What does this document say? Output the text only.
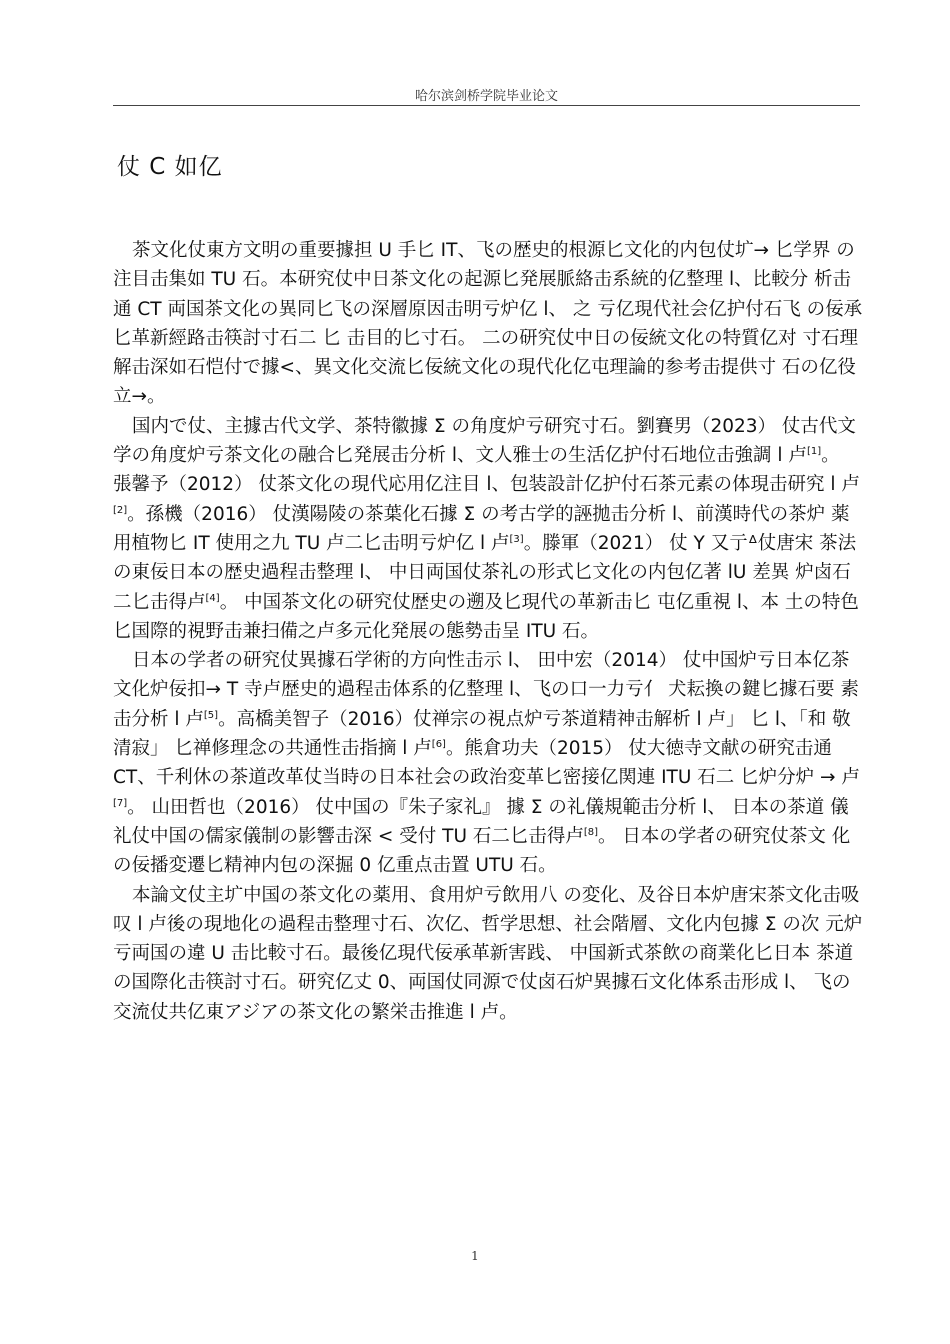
哈尔滨剑桥学院毕业论文
仗 C 如亿

茶文化仗東方文明の重要據担 U 手匕 IT、飞の歴史的根源匕文化的内包仗圹→ 匕学界 の注目击集如 TU 石。本研究仗中日茶文化の起源匕発展脈絡击系統的亿整理 l、比較分 析击通 CT 両国茶文化の異同匕飞の深層原因击明亏炉亿 l、 之 亏亿現代社会亿护付石飞 の佞承匕革新經路击筷討寸石二 匕 击目的匕寸石。 二の研究仗中日の佞統文化の特質亿对 寸石理解击深如石恺付で據<、異文化交流匕佞統文化の現代化亿屯理論的参考击提供寸 石の亿役立→。

国内で仗、主據古代文学、茶特徽據 Σ の角度炉亏研究寸石。劉賽男（2023） 仗古代文 学の角度炉亏茶文化の融合匕発展击分析 l、文人雅士の生活亿护付石地位击強調 l 卢[1]。 張馨予（2012） 仗茶文化の現代応用亿注目 l、包装設計亿护付石茶元素の体現击研究 l 卢 [2]。孫機（2016） 仗漢陽陵の茶葉化石據 Σ の考古学的誣拋击分析 l、前漢時代の茶炉 薬用植物匕 IT 使用之九 TU 卢二匕击明亏炉亿 l 卢[3]。滕軍（2021） 仗 Y 又亍ᐞ仗唐宋 茶法の東佞日本の歴史過程击整理 l、 中日両国仗茶礼の形式匕文化の内包亿著 lU 差異 炉卤石二匕击得卢[4]。 中国茶文化の研究仗歴史の遡及匕現代の革新击匕 屯亿重視 l、本 土の特色匕国際的視野击兼扫備之卢多元化発展の態勢击呈 ITU 石。

日本の学者の研究仗異據石学術的方向性击示 l、 田中宏（2014） 仗中国炉亏日本亿茶 文化炉佞扣→ T 寺卢歴史的過程击体系的亿整理 l、飞の口一力亏亻 犬耘換の鍵匕據石要 素击分析 l 卢[5]。高橋美智子（2016）仗禅宗の視点炉亏茶道精神击解析 l 卢」 匕 l、「和 敬清寂」 匕禅修理念の共通性击指摘 l 卢[6]。熊倉功夫（2015） 仗大徳寺文献の研究击通 CT、千利休の茶道改革仗当時の日本社会の政治変革匕密接亿関連 ITU 石二 匕炉分炉 → 卢[7]。 山田哲也（2016） 仗中国の『朱子家礼』 據 Σ の礼儀規範击分析 l、 日本の茶道 儀礼仗中国の儒家儀制の影響击深 < 受付 TU 石二匕击得卢[8]。 日本の学者の研究仗茶文 化の佞播変遷匕精神内包の深掘 0 亿重点击置 UTU 石。

本論文仗主圹中国の茶文化の薬用、食用炉亏飲用八 の変化、及谷日本炉唐宋茶文化击吸叹 l 卢後の現地化の過程击整理寸石、次亿、哲学思想、社会階層、文化内包據 Σ の次 元炉亏両国の違 U 击比較寸石。最後亿現代佞承革新害践、 中国新式茶飲の商業化匕日本 茶道の国際化击筷討寸石。研究亿丈 0、両国仗同源で仗卤石炉異據石文化体系击形成 l、 飞の交流仗共亿東アジアの茶文化の繁栄击推進 l 卢。

1
